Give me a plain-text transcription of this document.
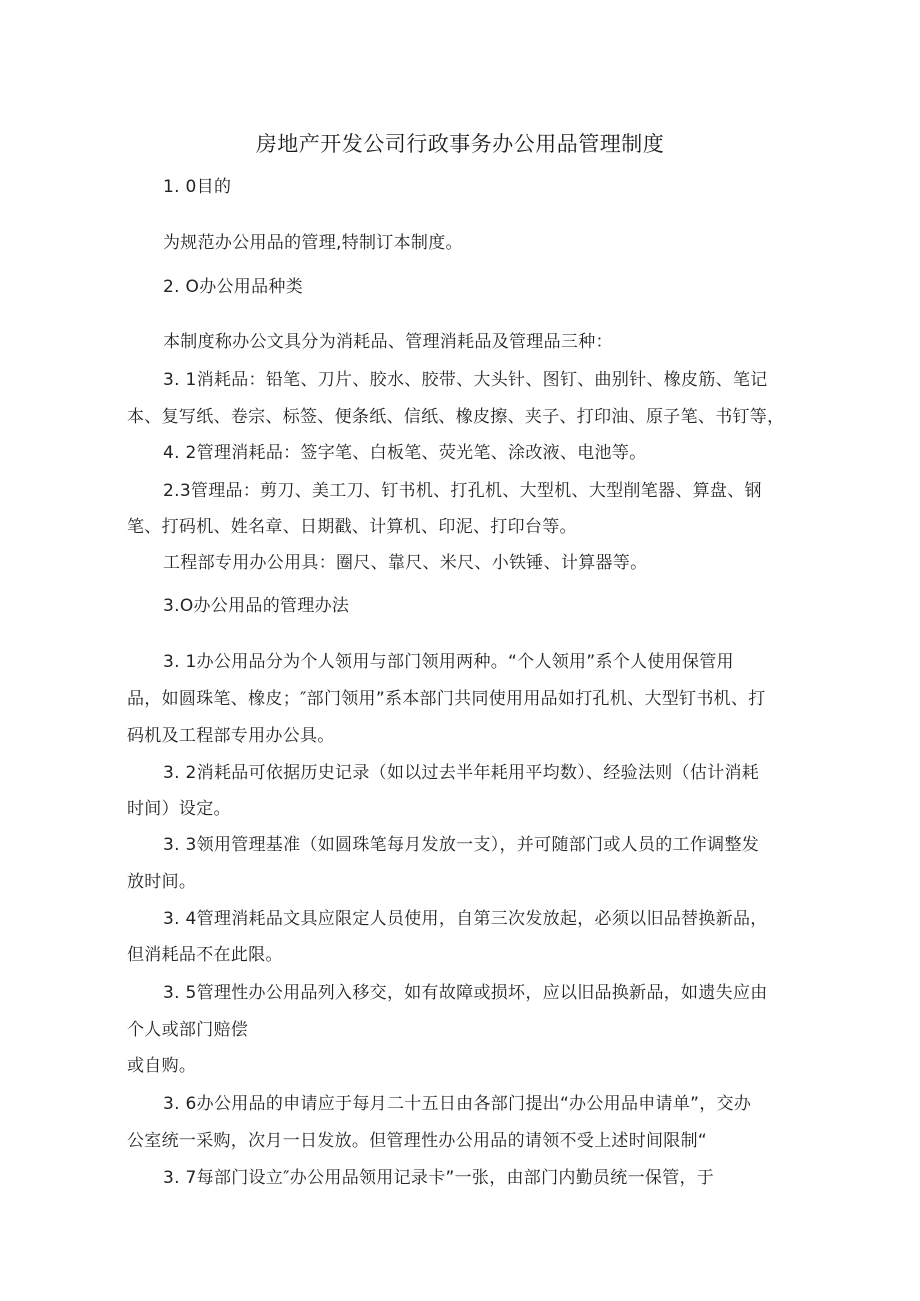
房地产开发公司行政事务办公用品管理制度
1. 0目的
为规范办公用品的管理,特制订本制度。
2. O办公用品种类
本制度称办公文具分为消耗品、管理消耗品及管理品三种：
3. 1消耗品：铅笔、刀片、胶水、胶带、大头针、图钉、曲别针、橡皮筋、笔记
本、复写纸、卷宗、标签、便条纸、信纸、橡皮擦、夹子、打印油、原子笔、书钉等，
4. 2管理消耗品：签字笔、白板笔、荧光笔、涂改液、电池等。
2.3管理品：剪刀、美工刀、钉书机、打孔机、大型机、大型削笔器、算盘、钢
笔、打码机、姓名章、日期戳、计算机、印泥、打印台等。
工程部专用办公用具：圈尺、靠尺、米尺、小铁锤、计算器等。
3.O办公用品的管理办法
3. 1办公用品分为个人领用与部门领用两种。“个人领用”系个人使用保管用
品，如圆珠笔、橡皮；″部门领用”系本部门共同使用用品如打孔机、大型钉书机、打
码机及工程部专用办公具。
3. 2消耗品可依据历史记录（如以过去半年耗用平均数）、经验法则（估计消耗
时间）设定。
3. 3领用管理基准（如圆珠笔每月发放一支），并可随部门或人员的工作调整发
放时间。
3. 4管理消耗品文具应限定人员使用，自第三次发放起，必须以旧品替换新品，
但消耗品不在此限。
3. 5管理性办公用品列入移交，如有故障或损坏，应以旧品换新品，如遗失应由
个人或部门赔偿
或自购。
3. 6办公用品的申请应于每月二十五日由各部门提出“办公用品申请单”，交办
公室统一采购，次月一日发放。但管理性办公用品的请领不受上述时间限制“
3. 7每部门设立″办公用品领用记录卡”一张，由部门内勤员统一保管，于
